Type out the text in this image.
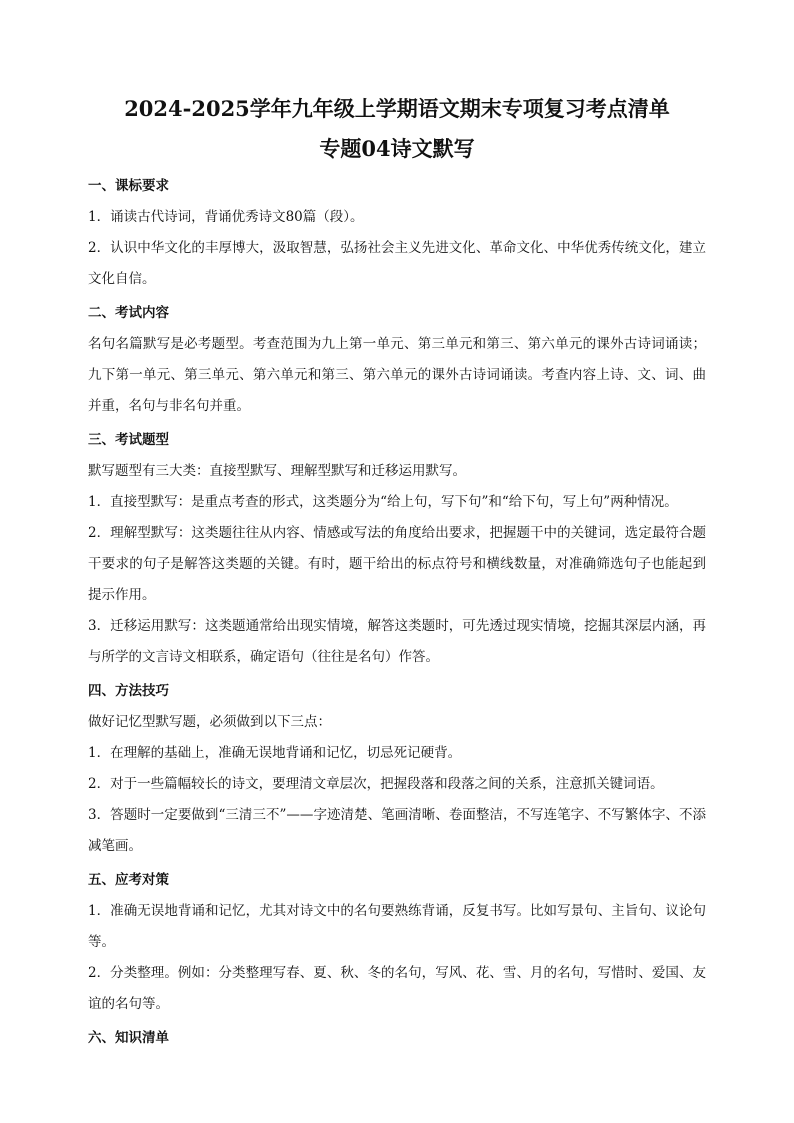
2024-2025学年九年级上学期语文期末专项复习考点清单
专题04诗文默写
一、课标要求

1．诵读古代诗词，背诵优秀诗文80篇（段）。

2．认识中华文化的丰厚博大，汲取智慧，弘扬社会主义先进文化、革命文化、中华优秀传统文化，建立文化自信。

二、考试内容

名句名篇默写是必考题型。考查范围为九上第一单元、第三单元和第三、第六单元的课外古诗词诵读；九下第一单元、第三单元、第六单元和第三、第六单元的课外古诗词诵读。考查内容上诗、文、词、曲并重，名句与非名句并重。

三、考试题型

默写题型有三大类：直接型默写、理解型默写和迁移运用默写。

1．直接型默写：是重点考查的形式，这类题分为“给上句，写下句”和“给下句，写上句”两种情况。

2．理解型默写：这类题往往从内容、情感或写法的角度给出要求，把握题干中的关键词，选定最符合题干要求的句子是解答这类题的关键。有时，题干给出的标点符号和横线数量，对准确筛选句子也能起到提示作用。

3．迁移运用默写：这类题通常给出现实情境，解答这类题时，可先透过现实情境，挖掘其深层内涵，再与所学的文言诗文相联系，确定语句（往往是名句）作答。

四、方法技巧

做好记忆型默写题，必须做到以下三点：

1．在理解的基础上，准确无误地背诵和记忆，切忌死记硬背。

2．对于一些篇幅较长的诗文，要理清文章层次，把握段落和段落之间的关系，注意抓关键词语。

3．答题时一定要做到“三清三不”——字迹清楚、笔画清晰、卷面整洁，不写连笔字、不写繁体字、不添减笔画。

五、应考对策

1．准确无误地背诵和记忆，尤其对诗文中的名句要熟练背诵，反复书写。比如写景句、主旨句、议论句等。

2．分类整理。例如：分类整理写春、夏、秋、冬的名句，写风、花、雪、月的名句，写惜时、爱国、友谊的名句等。

六、知识清单
